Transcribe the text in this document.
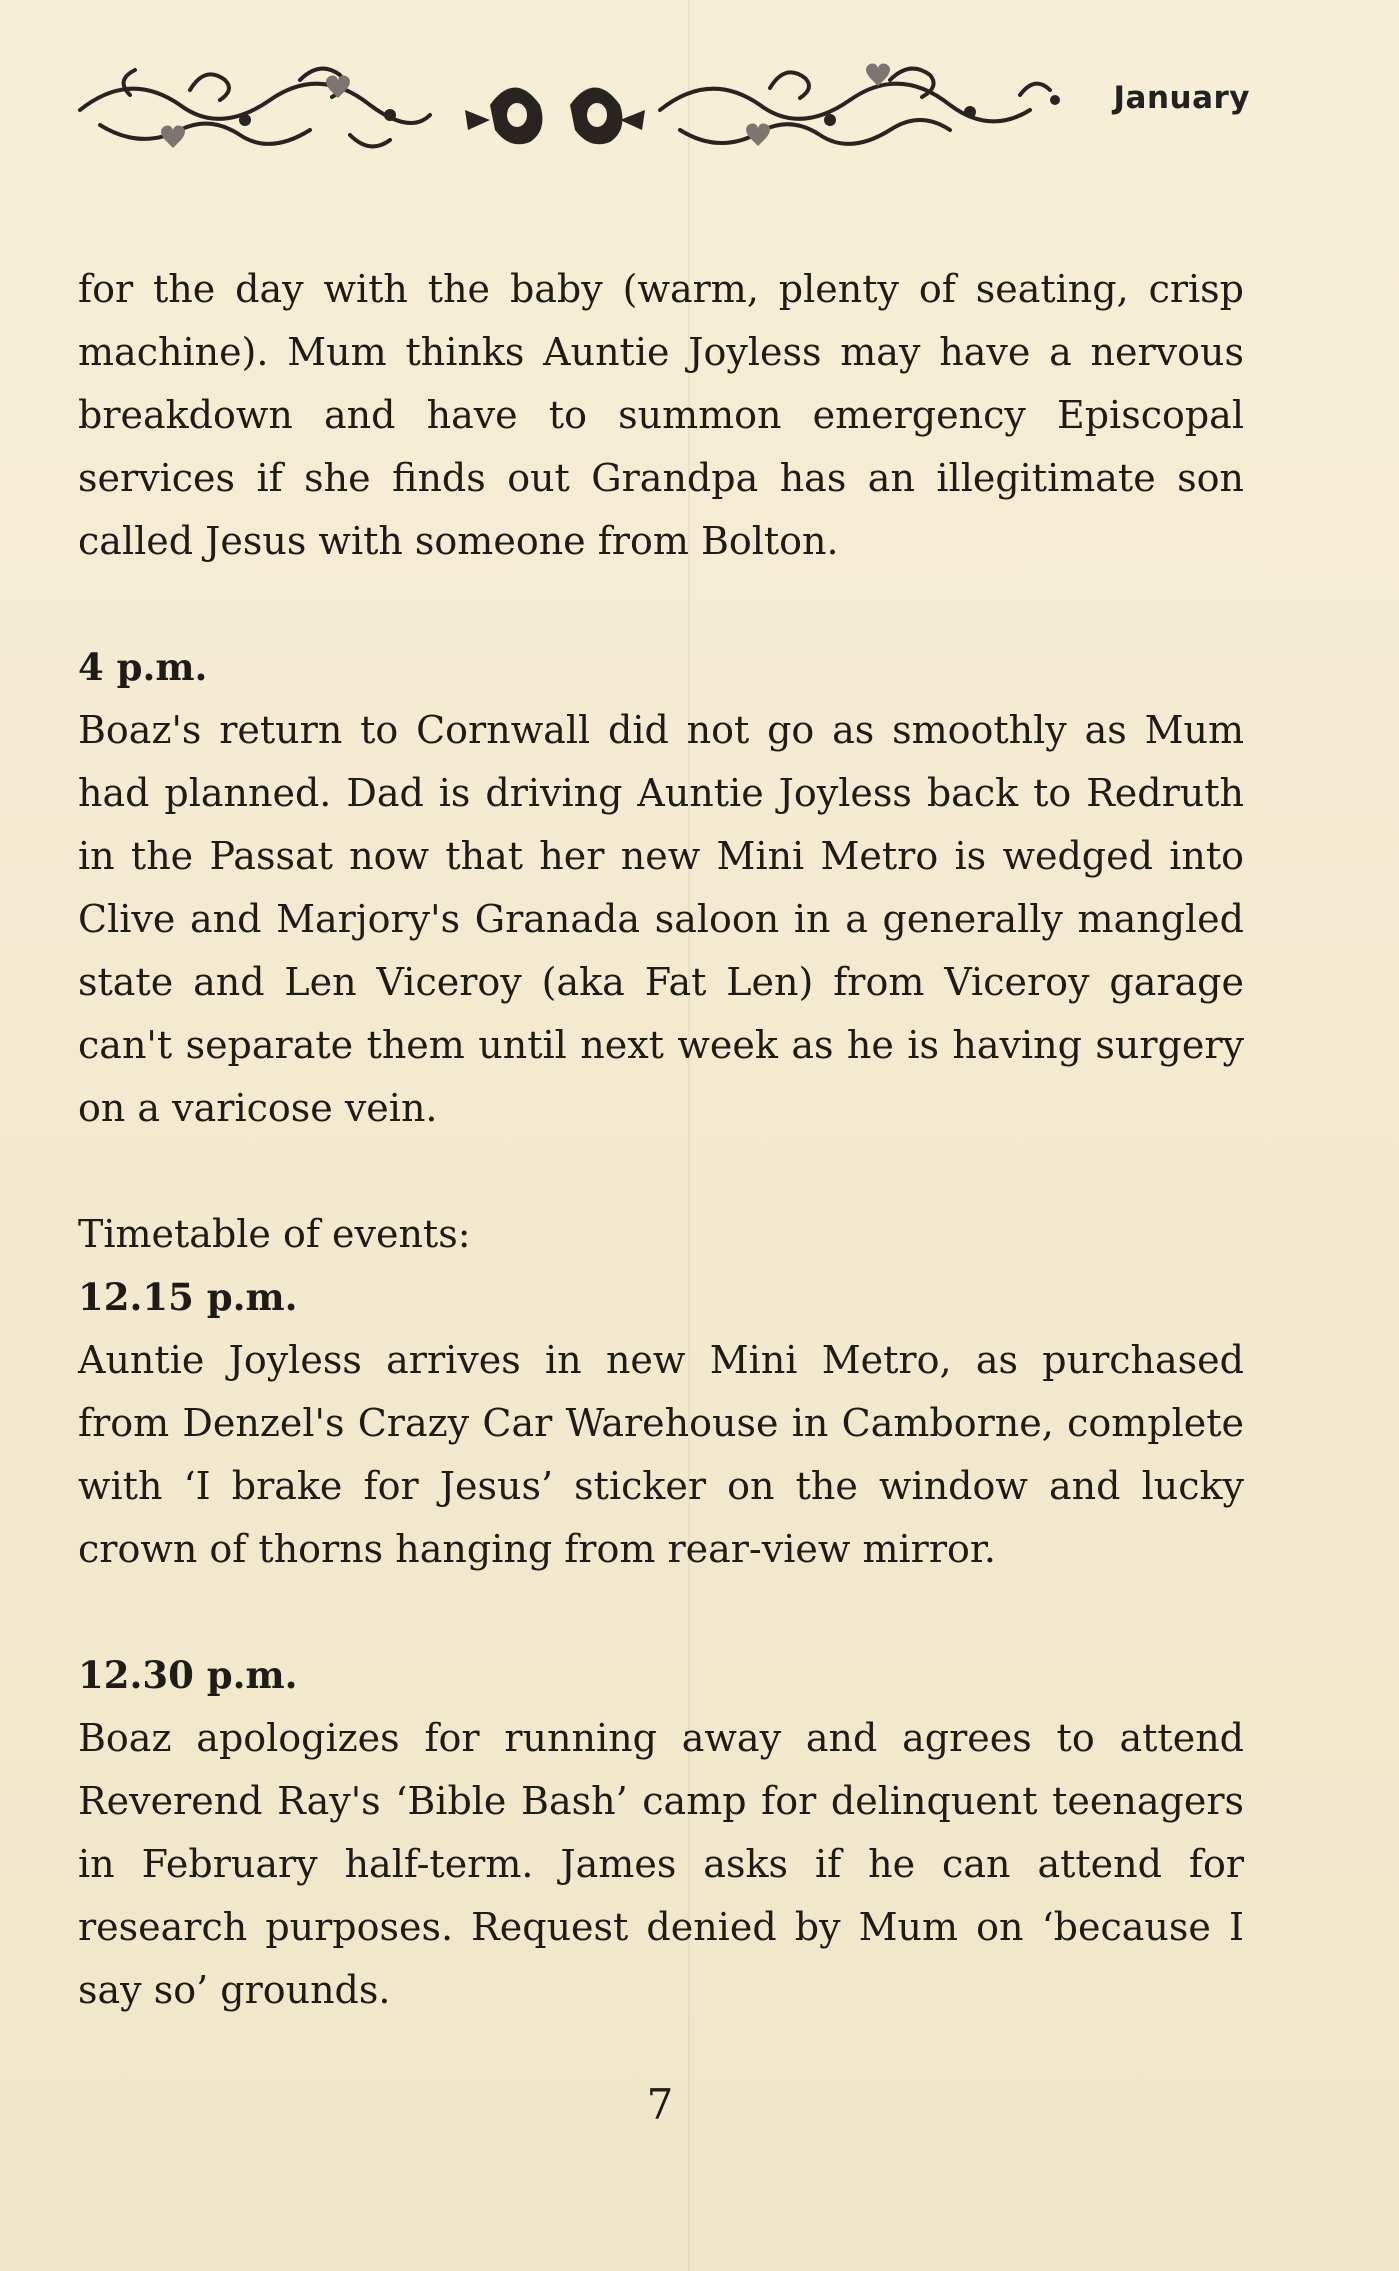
January

for the day with the baby (warm, plenty of seating, crisp machine). Mum thinks Auntie Joyless may have a nervous breakdown and have to summon emergency Episcopal services if she finds out Grandpa has an illegitimate son called Jesus with someone from Bolton.

4 p.m.

Boaz's return to Cornwall did not go as smoothly as Mum had planned. Dad is driving Auntie Joyless back to Redruth in the Passat now that her new Mini Metro is wedged into Clive and Marjory's Granada saloon in a generally mangled state and Len Viceroy (aka Fat Len) from Viceroy garage can't separate them until next week as he is having surgery on a varicose vein.

Timetable of events:

12.15 p.m.

Auntie Joyless arrives in new Mini Metro, as purchased from Denzel's Crazy Car Warehouse in Camborne, complete with ‘I brake for Jesus’ sticker on the window and lucky crown of thorns hanging from rear-view mirror.

12.30 p.m.

Boaz apologizes for running away and agrees to attend Reverend Ray's ‘Bible Bash’ camp for delinquent teenagers in February half-term. James asks if he can attend for research purposes. Request denied by Mum on ‘because I say so’ grounds.

7
